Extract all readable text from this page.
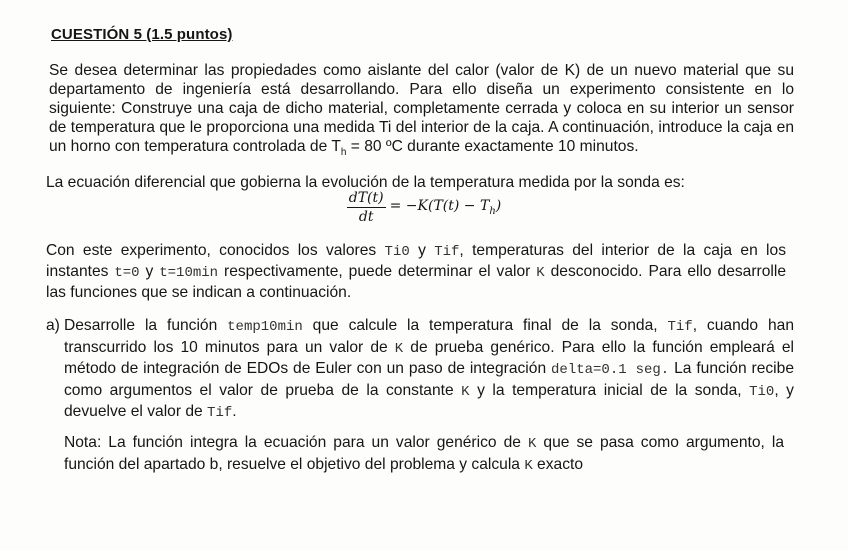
CUESTIÓN 5 (1.5 puntos)
Se desea determinar las propiedades como aislante del calor (valor de K) de un nuevo material que su departamento de ingeniería está desarrollando. Para ello diseña un experimento consistente en lo siguiente: Construye una caja de dicho material, completamente cerrada y coloca en su interior un sensor de temperatura que le proporciona una medida Ti del interior de la caja. A continuación, introduce la caja en un horno con temperatura controlada de $T_h = 80$ ºC durante exactamente 10 minutos.
La ecuación diferencial que gobierna la evolución de la temperatura medida por la sonda es:
$\frac{dT(t)}{dt} = -K(T(t) - T_h)$
Con este experimento, conocidos los valores Ti0 y Tif, temperaturas del interior de la caja en los instantes t=0 y t=10min respectivamente, puede determinar el valor K desconocido. Para ello desarrolle las funciones que se indican a continuación.
a) Desarrolle la función temp10min que calcule la temperatura final de la sonda, Tif, cuando han transcurrido los 10 minutos para un valor de K de prueba genérico. Para ello la función empleará el método de integración de EDOs de Euler con un paso de integración delta=0.1 seg. La función recibe como argumentos el valor de prueba de la constante K y la temperatura inicial de la sonda, Ti0, y devuelve el valor de Tif.
Nota: La función integra la ecuación para un valor genérico de K que se pasa como argumento, la función del apartado b, resuelve el objetivo del problema y calcula K exacto
